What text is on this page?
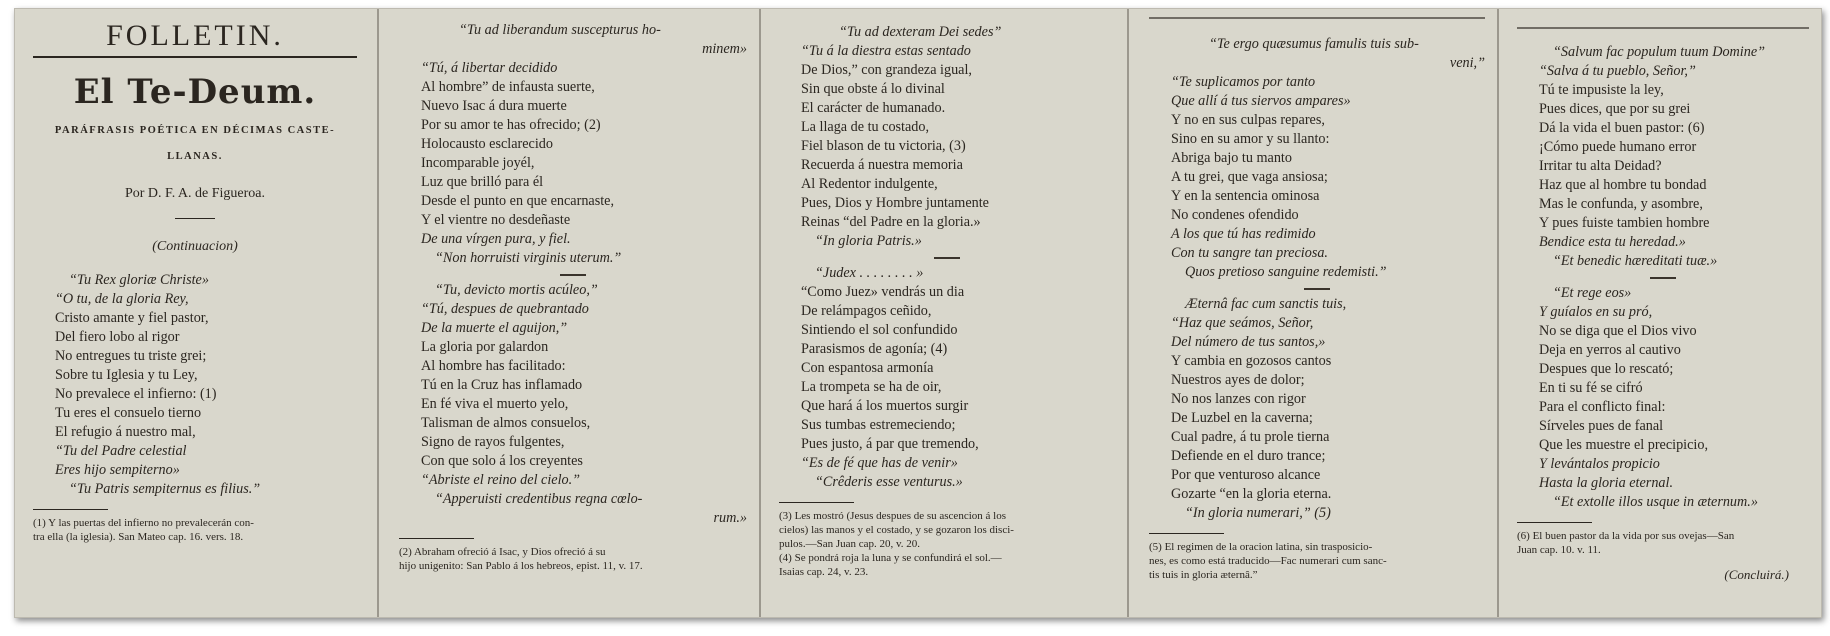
FOLLETIN.
El Te-Deum.
PARÁFRASIS POÉTICA EN DÉCIMAS CASTE-
LLANAS.
Por D. F. A. de Figueroa.
(Continuacion)
“Tu Rex gloriæ Christe»
“O tu, de la gloria Rey,
Cristo amante y fiel pastor,
Del fiero lobo al rigor
No entregues tu triste grei;
Sobre tu Iglesia y tu Ley,
No prevalece el infierno: (1)
Tu eres el consuelo tierno
El refugio á nuestro mal,
“Tu del Padre celestial
Eres hijo sempiterno»
“Tu Patris sempiternus es filius.”
(1) Y las puertas del infierno no prevalecerán con-
tra ella (la iglesia). San Mateo cap. 16. vers. 18.
“Tu ad liberandum suscepturus ho-
minem»
“Tú, á libertar decidido
Al hombre” de infausta suerte,
Nuevo Isac á dura muerte
Por su amor te has ofrecido; (2)
Holocausto esclarecido
Incomparable joyél,
Luz que brilló para él
Desde el punto en que encarnaste,
Y el vientre no desdeñaste
De una vírgen pura, y fiel.
“Non horruisti virginis uterum.”
“Tu, devicto mortis acúleo,”
“Tú, despues de quebrantado
De la muerte el aguijon,”
La gloria por galardon
Al hombre has facilitado:
Tú en la Cruz has inflamado
En fé viva el muerto yelo,
Talisman de almos consuelos,
Signo de rayos fulgentes,
Con que solo á los creyentes
“Abriste el reino del cielo.”
“Apperuisti credentibus regna cœlo-
rum.»
(2) Abraham ofreció á Isac, y Dios ofreció á su
hijo unigenito: San Pablo á los hebreos, epist. 11, v. 17.
“Tu ad dexteram Dei sedes”
“Tu á la diestra estas sentado
De Dios,” con grandeza igual,
Sin que obste á lo divinal
El carácter de humanado.
La llaga de tu costado,
Fiel blason de tu victoria, (3)
Recuerda á nuestra memoria
Al Redentor indulgente,
Pues, Dios y Hombre juntamente
Reinas “del Padre en la gloria.»
“In gloria Patris.»
“Judex . . . . . . . . »
“Como Juez» vendrás un dia
De relámpagos ceñido,
Sintiendo el sol confundido
Parasismos de agonía; (4)
Con espantosa armonía
La trompeta se ha de oir,
Que hará á los muertos surgir
Sus tumbas estremeciendo;
Pues justo, á par que tremendo,
“Es de fé que has de venir»
“Crêderis esse venturus.»
(3) Les mostró (Jesus despues de su ascencion á los
cielos) las manos y el costado, y se gozaron los disci-
pulos.—San Juan cap. 20, v. 20.
(4) Se pondrá roja la luna y se confundirá el sol.—
Isaias cap. 24, v. 23.
“Te ergo quæsumus famulis tuis sub-
veni,”
“Te suplicamos por tanto
Que allí á tus siervos ampares»
Y no en sus culpas repares,
Sino en su amor y su llanto:
Abriga bajo tu manto
A tu grei, que vaga ansiosa;
Y en la sentencia ominosa
No condenes ofendido
A los que tú has redimido
Con tu sangre tan preciosa.
Quos pretioso sanguine redemisti.”
Æternâ fac cum sanctis tuis,
“Haz que seámos, Señor,
Del número de tus santos,»
Y cambia en gozosos cantos
Nuestros ayes de dolor;
No nos lanzes con rigor
De Luzbel en la caverna;
Cual padre, á tu prole tierna
Defiende en el duro trance;
Por que venturoso alcance
Gozarte “en la gloria eterna.
“In gloria numerari,” (5)
(5) El regimen de la oracion latina, sin trasposicio-
nes, es como está traducido—Fac numerari cum sanc-
tis tuis in gloria æternâ.”
“Salvum fac populum tuum Domine”
“Salva á tu pueblo, Señor,”
Tú te impusiste la ley,
Pues dices, que por su grei
Dá la vida el buen pastor: (6)
¡Cómo puede humano error
Irritar tu alta Deidad?
Haz que al hombre tu bondad
Mas le confunda, y asombre,
Y pues fuiste tambien hombre
Bendice esta tu heredad.»
“Et benedic hæreditati tuæ.»
“Et rege eos»
Y guíalos en su pró,
No se diga que el Dios vivo
Deja en yerros al cautivo
Despues que lo rescató;
En ti su fé se cifró
Para el conflicto final:
Sírveles pues de fanal
Que les muestre el precipicio,
Y levántalos propicio
Hasta la gloria eternal.
“Et extolle illos usque in æternum.»
(6) El buen pastor da la vida por sus ovejas—San
Juan cap. 10. v. 11.
(Concluirá.)
